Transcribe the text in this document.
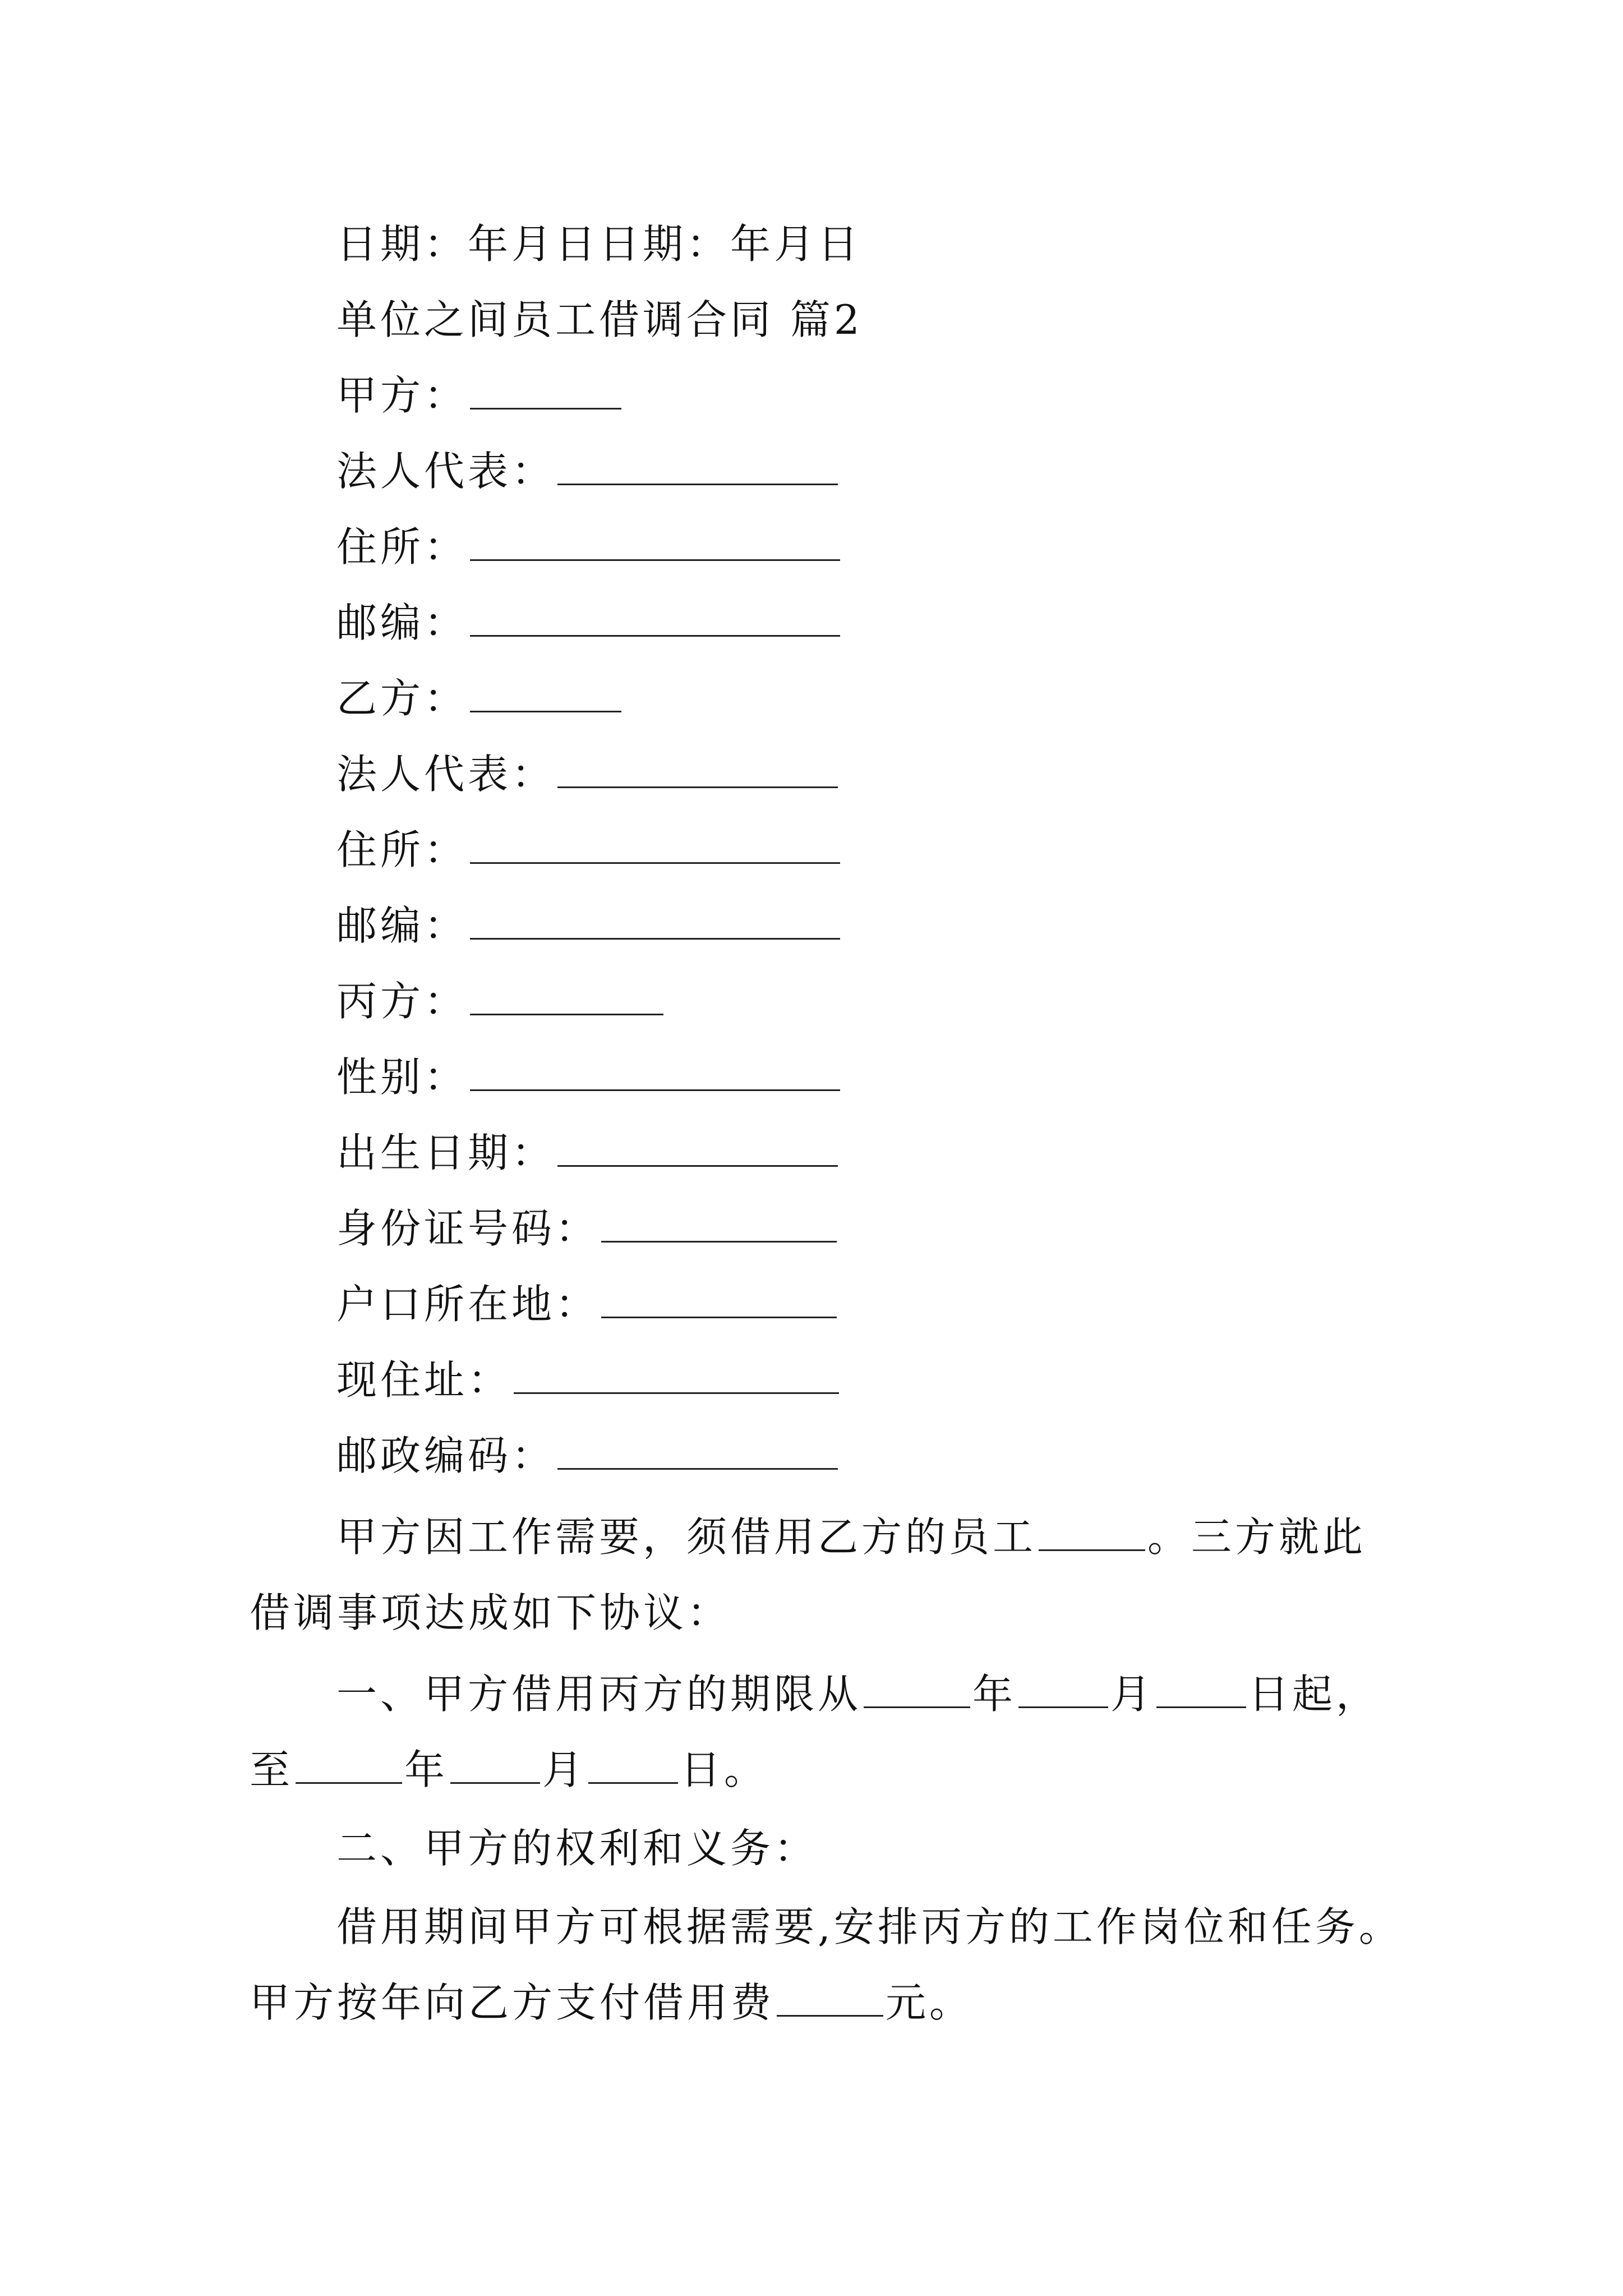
日期：年月日日期：年月日
单位之间员工借调合同 篇2
甲方：
法人代表：
住所：
邮编：
乙方：
法人代表：
住所：
邮编：
丙方：
性别：
出生日期：
身份证号码：
户口所在地：
现住址：
邮政编码：
甲方因工作需要，须借用乙方的员工	。三方就此
借调事项达成如下协议：
一、甲方借用丙方的期限从	年 月 日起，
至	年 月 日。
二、甲方的权利和义务：
借用期间甲方可根据需要,安排丙方的工作岗位和任务。
甲方按年向乙方支付借用费	元。
